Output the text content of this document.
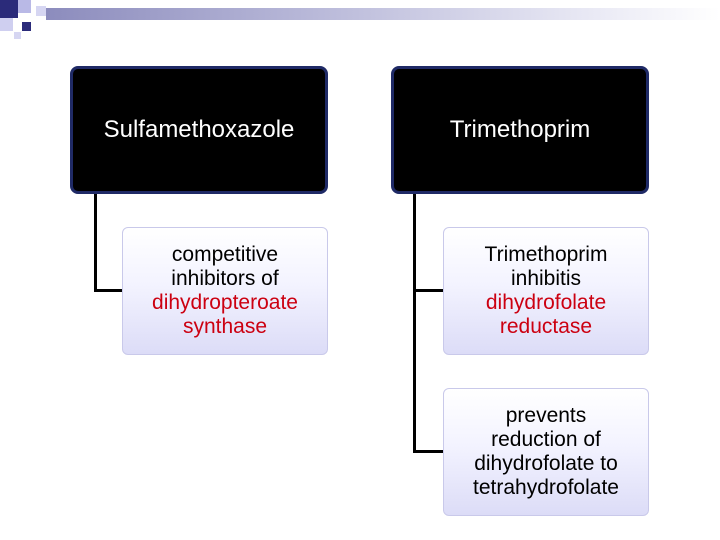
Sulfamethoxazole	Trimethoprim
competitive
inhibitors of
dihydropteroate
synthase
Trimethoprim
inhibitis
dihydrofolate
reductase
prevents
reduction of
dihydrofolate to
tetrahydrofolate
